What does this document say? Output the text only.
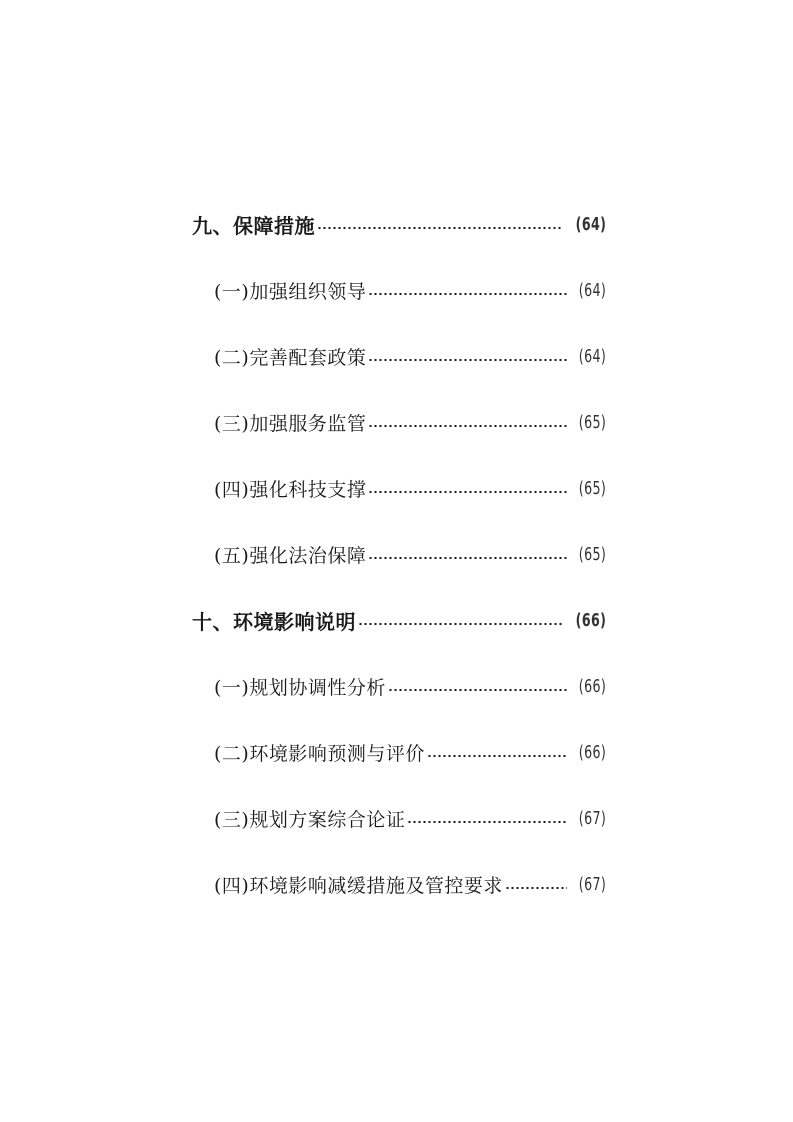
九、保障措施	(64)
(一)加强组织领导	(64)
(二)完善配套政策	(64)
(三)加强服务监管	(65)
(四)强化科技支撑	(65)
(五)强化法治保障	(65)
十、环境影响说明	(66)
(一)规划协调性分析	(66)
(二)环境影响预测与评价	(66)
(三)规划方案综合论证	(67)
(四)环境影响减缓措施及管控要求	(67)
